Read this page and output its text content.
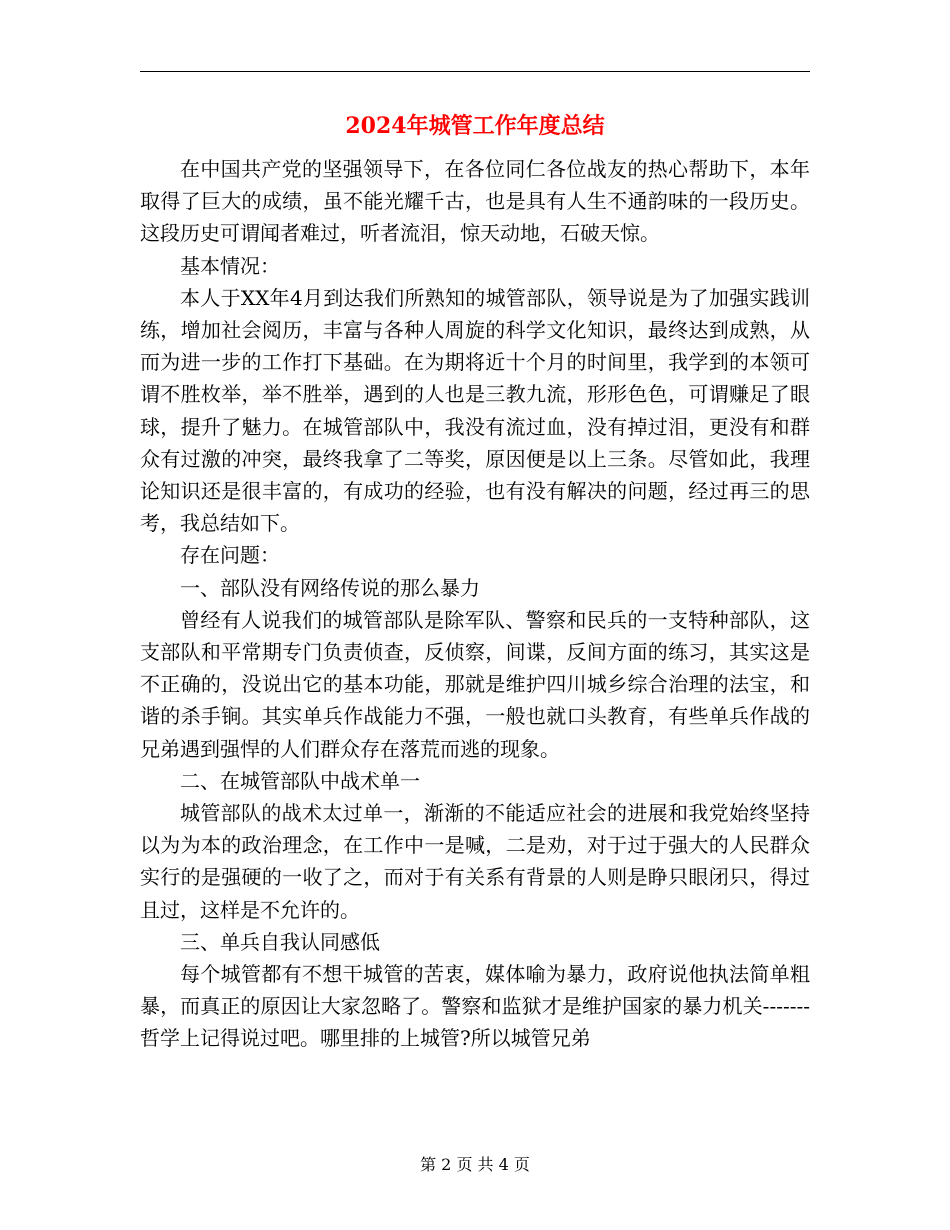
2024年城管工作年度总结

在中国共产党的坚强领导下，在各位同仁各位战友的热心帮助下，本年取得了巨大的成绩，虽不能光耀千古，也是具有人生不通韵味的一段历史。这段历史可谓闻者难过，听者流泪，惊天动地，石破天惊。

基本情况：

本人于XX年4月到达我们所熟知的城管部队，领导说是为了加强实践训练，增加社会阅历，丰富与各种人周旋的科学文化知识，最终达到成熟，从而为进一步的工作打下基础。在为期将近十个月的时间里，我学到的本领可谓不胜枚举，举不胜举，遇到的人也是三教九流，形形色色，可谓赚足了眼球，提升了魅力。在城管部队中，我没有流过血，没有掉过泪，更没有和群众有过激的冲突，最终我拿了二等奖，原因便是以上三条。尽管如此，我理论知识还是很丰富的，有成功的经验，也有没有解决的问题，经过再三的思考，我总结如下。

存在问题：

一、部队没有网络传说的那么暴力

曾经有人说我们的城管部队是除军队、警察和民兵的一支特种部队，这支部队和平常期专门负责侦查，反侦察，间谍，反间方面的练习，其实这是不正确的，没说出它的基本功能，那就是维护四川城乡综合治理的法宝，和谐的杀手锏。其实单兵作战能力不强，一般也就口头教育，有些单兵作战的兄弟遇到强悍的人们群众存在落荒而逃的现象。

二、在城管部队中战术单一

城管部队的战术太过单一，渐渐的不能适应社会的进展和我党始终坚持以为为本的政治理念，在工作中一是喊，二是劝，对于过于强大的人民群众实行的是强硬的一收了之，而对于有关系有背景的人则是睁只眼闭只，得过且过，这样是不允许的。

三、单兵自我认同感低

每个城管都有不想干城管的苦衷，媒体喻为暴力，政府说他执法简单粗暴，而真正的原因让大家忽略了。警察和监狱才是维护国家的暴力机关-------哲学上记得说过吧。哪里排的上城管?所以城管兄弟

第 2 页 共 4 页
